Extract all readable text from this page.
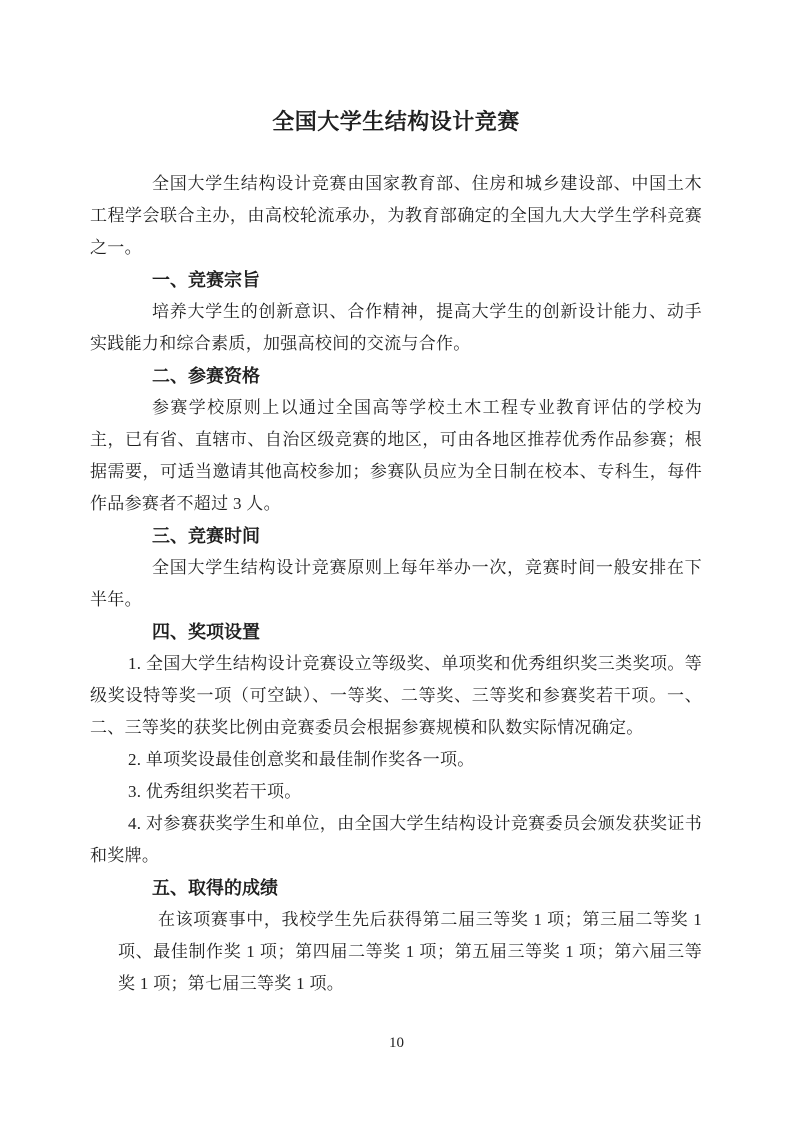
全国大学生结构设计竞赛

全国大学生结构设计竞赛由国家教育部、住房和城乡建设部、中国土木工程学会联合主办，由高校轮流承办，为教育部确定的全国九大大学生学科竞赛之一。

一、竞赛宗旨

培养大学生的创新意识、合作精神，提高大学生的创新设计能力、动手实践能力和综合素质，加强高校间的交流与合作。

二、参赛资格

参赛学校原则上以通过全国高等学校土木工程专业教育评估的学校为主，已有省、直辖市、自治区级竞赛的地区，可由各地区推荐优秀作品参赛；根据需要，可适当邀请其他高校参加；参赛队员应为全日制在校本、专科生，每件作品参赛者不超过 3 人。

三、竞赛时间

全国大学生结构设计竞赛原则上每年举办一次，竞赛时间一般安排在下半年。

四、奖项设置

1. 全国大学生结构设计竞赛设立等级奖、单项奖和优秀组织奖三类奖项。等级奖设特等奖一项（可空缺）、一等奖、二等奖、三等奖和参赛奖若干项。一、二、三等奖的获奖比例由竞赛委员会根据参赛规模和队数实际情况确定。

2. 单项奖设最佳创意奖和最佳制作奖各一项。

3. 优秀组织奖若干项。

4. 对参赛获奖学生和单位，由全国大学生结构设计竞赛委员会颁发获奖证书和奖牌。

五、取得的成绩

在该项赛事中，我校学生先后获得第二届三等奖 1 项；第三届二等奖 1 项、最佳制作奖 1 项；第四届二等奖 1 项；第五届三等奖 1 项；第六届三等奖 1 项；第七届三等奖 1 项。

10
